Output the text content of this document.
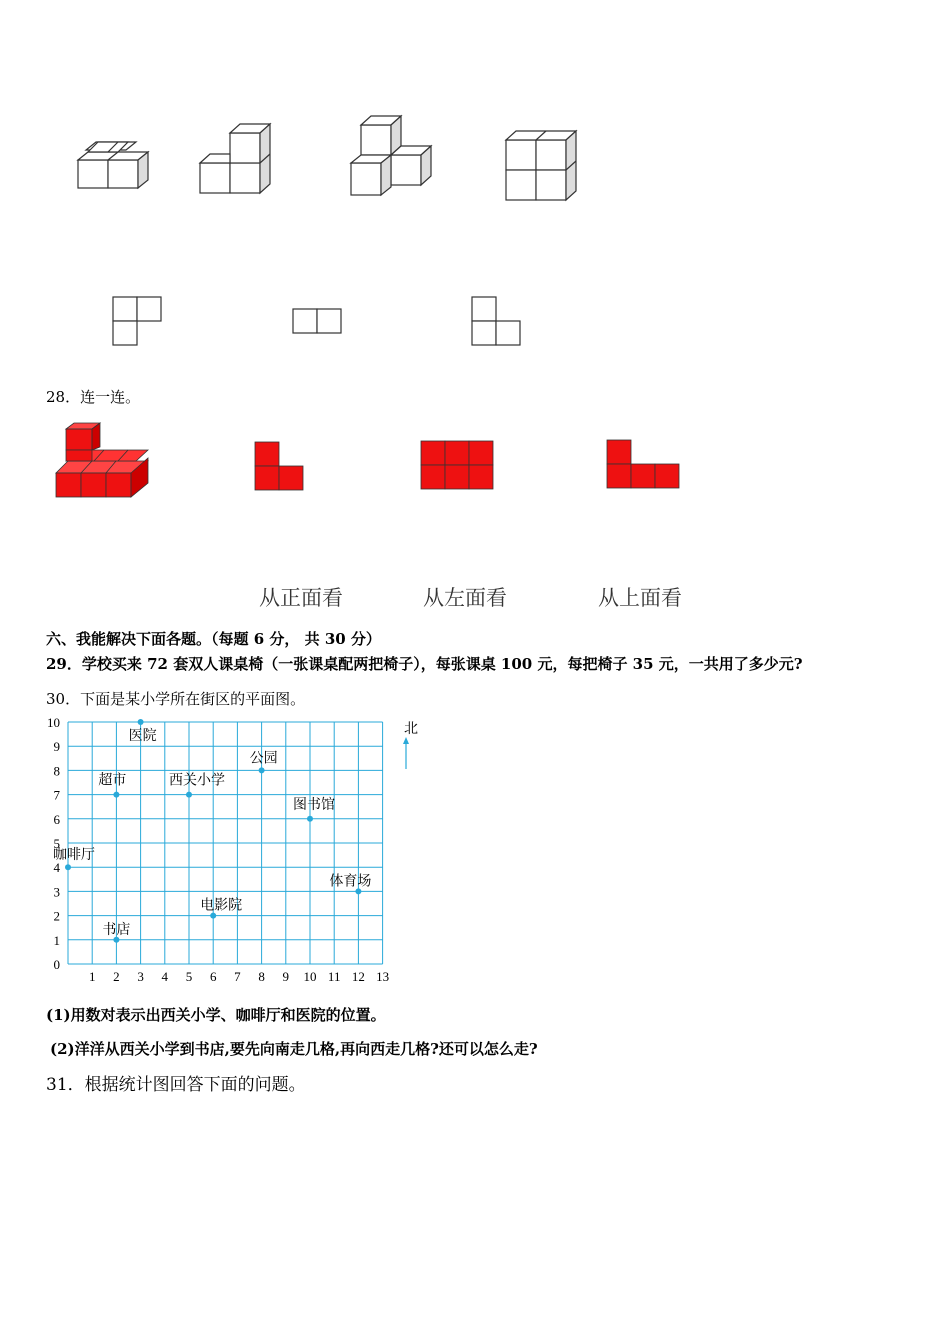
28．连一连。
从正面看	从左面看	从上面看
六、我能解决下面各题。（每题 6 分， 共 30 分）
29．学校买来 72 套双人课桌椅（一张课桌配两把椅子），每张课桌 100 元，每把椅子 35 元，一共用了多少元?
30．下面是某小学所在街区的平面图。
1 2 3 4 5 6 7 8 9 10 11 12 13
0
1
2
3
4
5
6
7
8
9
10
医院
公园
超市	西关小学
图书馆
咖啡厅
体育场
电影院
书店
北
(1)用数对表示出西关小学、咖啡厅和医院的位置。
(2)洋洋从西关小学到书店,要先向南走几格,再向西走几格?还可以怎么走?
31．根据统计图回答下面的问题。
